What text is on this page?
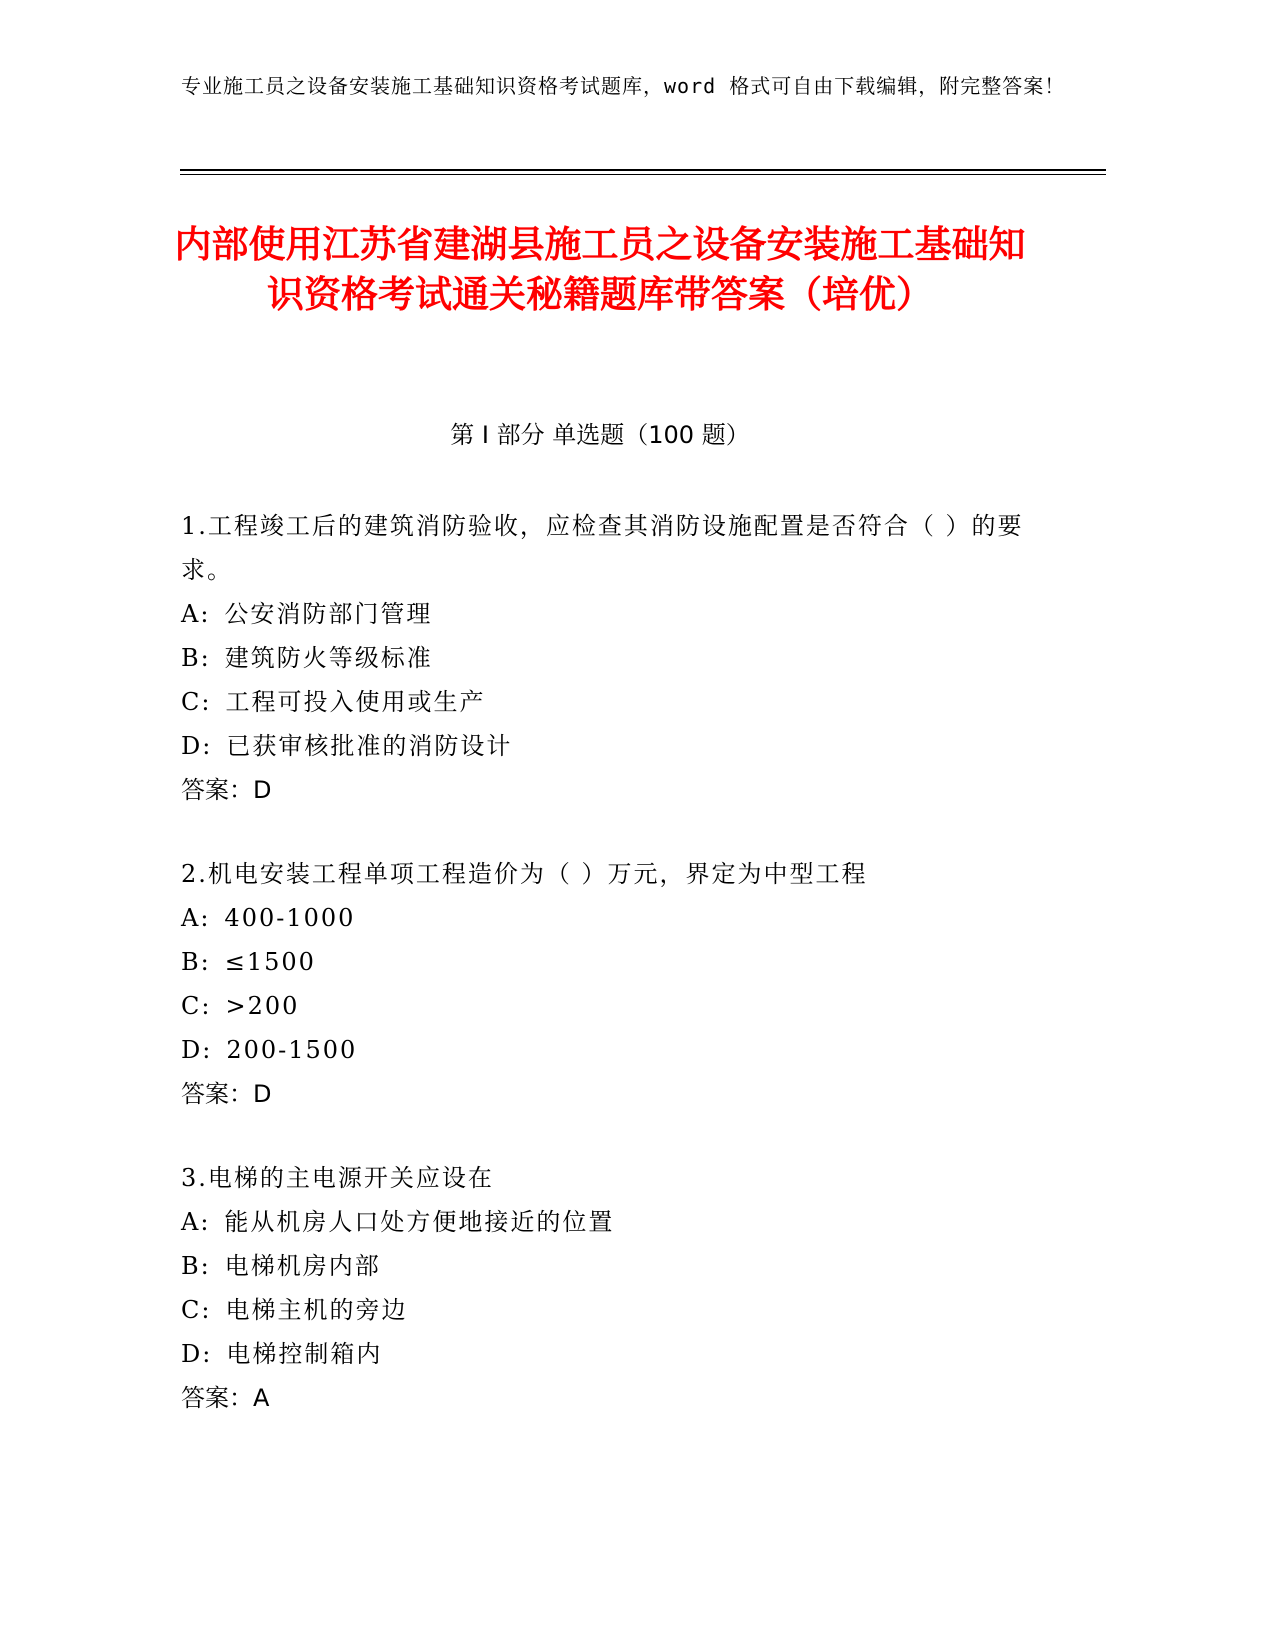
专业施工员之设备安装施工基础知识资格考试题库，word 格式可自由下载编辑，附完整答案！
内部使用江苏省建湖县施工员之设备安装施工基础知识资格考试通关秘籍题库带答案（培优）
第 I 部分 单选题（100 题）
1.工程竣工后的建筑消防验收，应检查其消防设施配置是否符合（ ）的要求。
A: 公安消防部门管理
B: 建筑防火等级标准
C: 工程可投入使用或生产
D: 已获审核批准的消防设计
答案：D
2.机电安装工程单项工程造价为（ ）万元，界定为中型工程
A: 400-1000
B: ≤1500
C: >200
D: 200-1500
答案：D
3.电梯的主电源开关应设在
A: 能从机房人口处方便地接近的位置
B: 电梯机房内部
C: 电梯主机的旁边
D: 电梯控制箱内
答案：A
